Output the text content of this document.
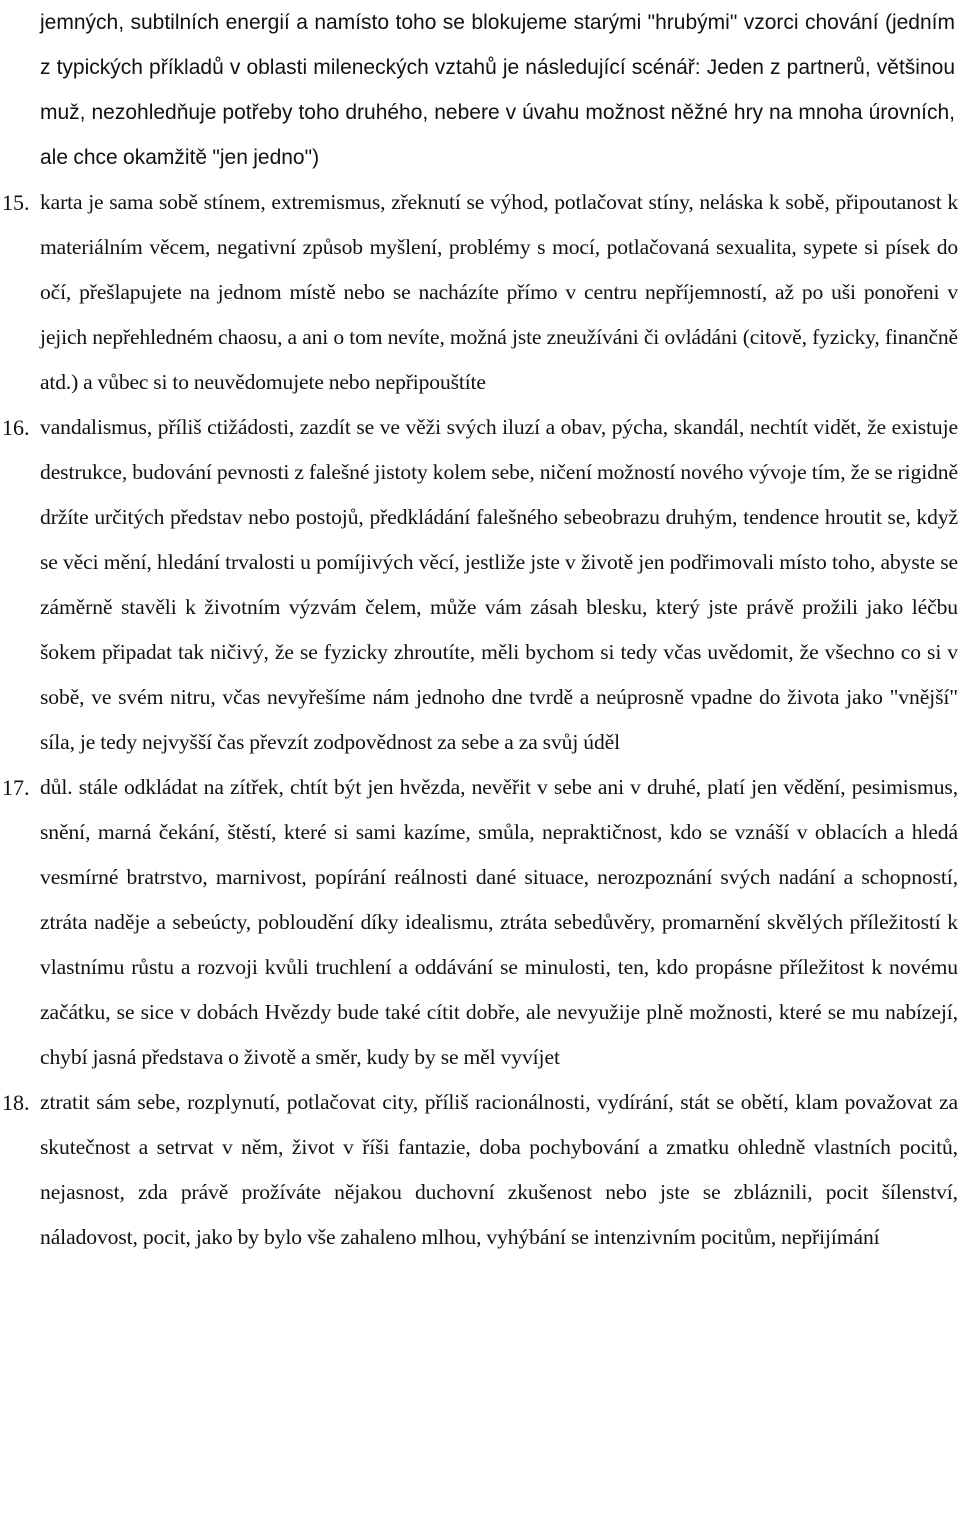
jemných, subtilních energií a namísto toho se blokujeme starými "hrubými" vzorci chování (jedním z typických příkladů v oblasti mileneckých vztahů je následující scénář: Jeden z partnerů, většinou muž, nezohledňuje potřeby toho druhého, nebere v úvahu možnost něžné hry na mnoha úrovních, ale chce okamžitě "jen jedno")

15. karta je sama sobě stínem, extremismus, zřeknutí se výhod, potlačovat stíny, neláska k sobě, připoutanost k materiálním věcem, negativní způsob myšlení, problémy s mocí, potlačovaná sexualita, sypete si písek do očí, přešlapujete na jednom místě nebo se nacházíte přímo v centru nepříjemností, až po uši ponořeni v jejich nepřehledném chaosu, a ani o tom nevíte, možná jste zneužíváni či ovládáni (citově, fyzicky, finančně atd.) a vůbec si to neuvědomujete nebo nepřipouštíte
16. vandalismus, příliš ctižádosti, zazdít se ve věži svých iluzí a obav, pýcha, skandál, nechtít vidět, že existuje destrukce, budování pevnosti z falešné jistoty kolem sebe, ničení možností nového vývoje tím, že se rigidně držíte určitých představ nebo postojů, předkládání falešného sebeobrazu druhým, tendence hroutit se, když se věci mění, hledání trvalosti u pomíjivých věcí, jestliže jste v životě jen podřimovali místo toho, abyste se záměrně stavěli k životním výzvám čelem, může vám zásah blesku, který jste právě prožili jako léčbu šokem připadat tak ničivý, že se fyzicky zhroutíte, měli bychom si tedy včas uvědomit, že všechno co si v sobě, ve svém nitru, včas nevyřešíme nám jednoho dne tvrdě a neúprosně vpadne do života jako "vnější" síla, je tedy nejvyšší čas převzít zodpovědnost za sebe a za svůj úděl
17. důl. stále odkládat na zítřek, chtít být jen hvězda, nevěřit v sebe ani v druhé, platí jen vědění, pesimismus, snění, marná čekání, štěstí, které si sami kazíme, smůla, nepraktičnost, kdo se vznáší v oblacích a hledá vesmírné bratrstvo, marnivost, popírání reálnosti dané situace, nerozpoznání svých nadání a schopností, ztráta naděje a sebeúcty, pobloudění díky idealismu, ztráta sebedůvěry, promarnění skvělých příležitostí k vlastnímu růstu a rozvoji kvůli truchlení a oddávání se minulosti, ten, kdo propásne příležitost k novému začátku, se sice v dobách Hvězdy bude také cítit dobře, ale nevyužije plně možnosti, které se mu nabízejí, chybí jasná představa o životě a směr, kudy by se měl vyvíjet
18. ztratit sám sebe, rozplynutí, potlačovat city, příliš racionálnosti, vydírání, stát se obětí, klam považovat za skutečnost a setrvat v něm, život v říši fantazie, doba pochybování a zmatku ohledně vlastních pocitů, nejasnost, zda právě prožíváte nějakou duchovní zkušenost nebo jste se zbláznili, pocit šílenství, náladovost, pocit, jako by bylo vše zahaleno mlhou, vyhýbání se intenzivním pocitům, nepřijímání
